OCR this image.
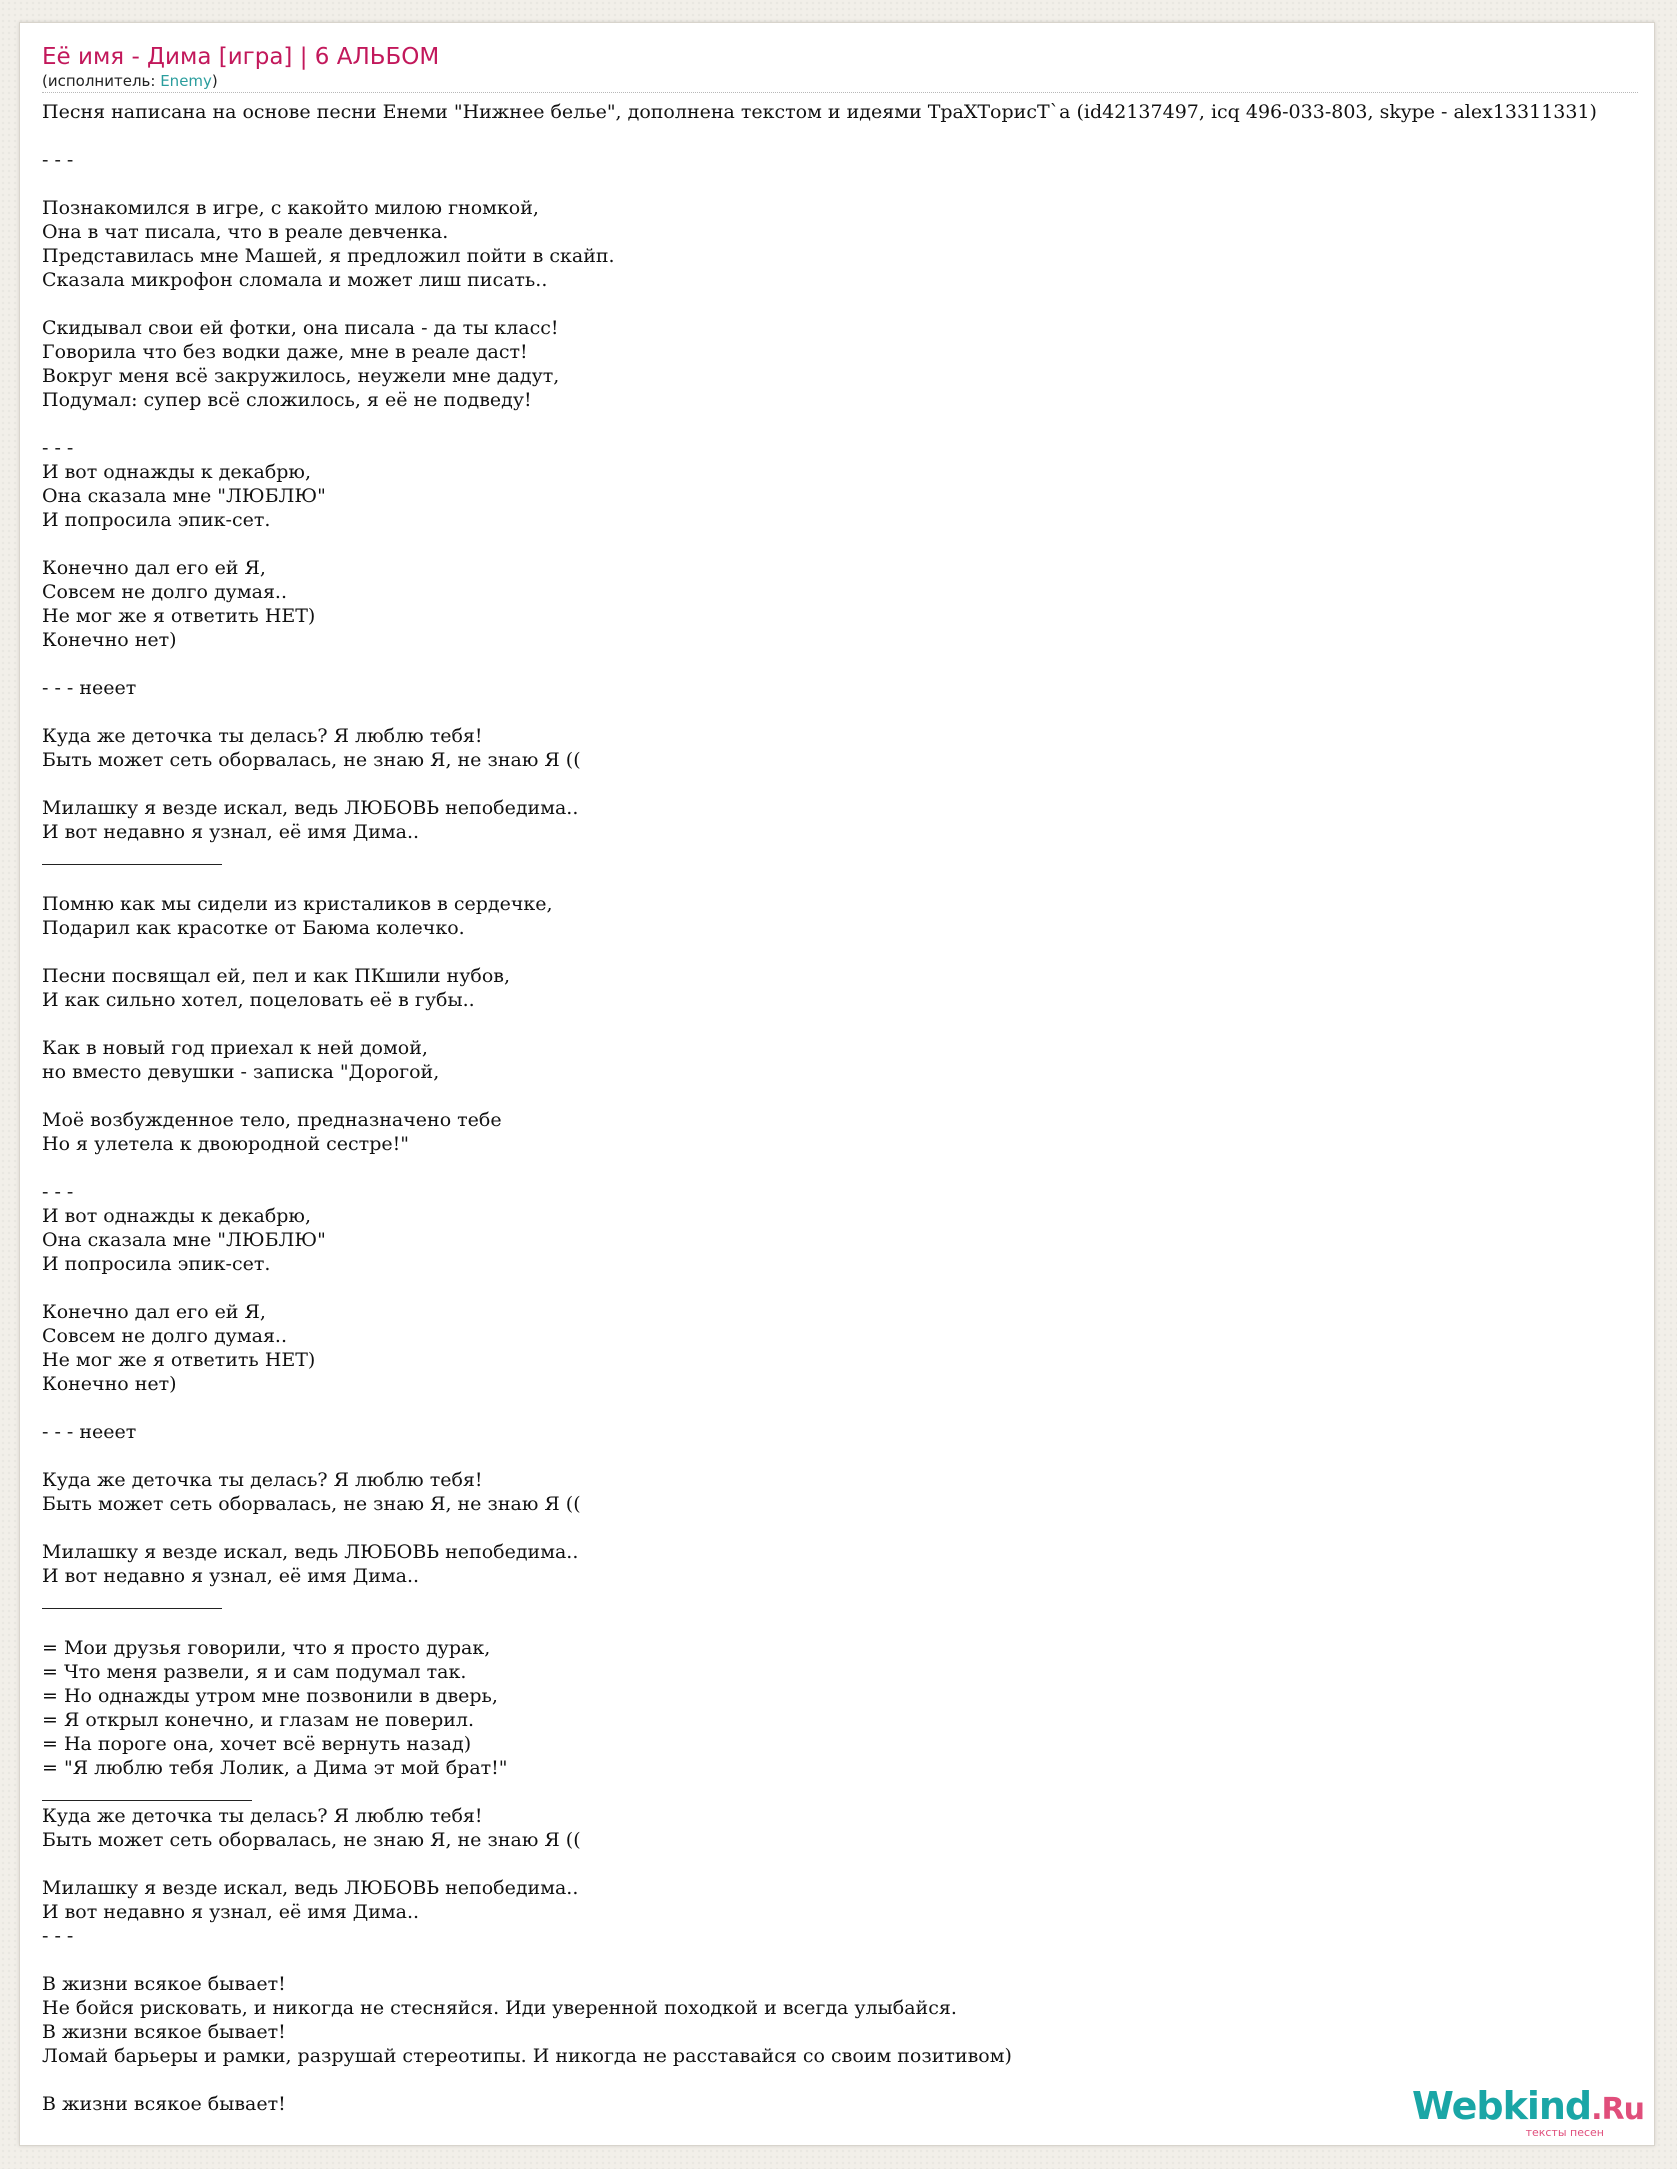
Её имя - Дима [игра] | 6 АЛЬБОМ
(исполнитель: Enemy)
Песня написана на основе песни Енеми "Нижнее белье", дополнена текстом и идеями ТраХТорисТ`а (id42137497, icq 496-033-803, skype - alex13311331)
- - -
Познакомился в игре, с какойто милою гномкой,
Она в чат писала, что в реале девченка.
Представилась мне Машей, я предложил пойти в скайп.
Сказала микрофон сломала и может лиш писать..
Скидывал свои ей фотки, она писала - да ты класс!
Говорила что без водки даже, мне в реале даст!
Вокруг меня всё закружилось, неужели мне дадут,
Подумал: супер всё сложилось, я её не подведу!
- - -
И вот однажды к декабрю,
Она сказала мне "ЛЮБЛЮ"
И попросила эпик-сет.
Конечно дал его ей Я,
Совсем не долго думая..
Не мог же я ответить НЕТ)
Конечно нет)
- - - нееет
Куда же деточка ты делась? Я люблю тебя!
Быть может сеть оборвалась, не знаю Я, не знаю Я ((
Милашку я везде искал, ведь ЛЮБОВЬ непобедима..
И вот недавно я узнал, её имя Дима..
Помню как мы сидели из кристаликов в сердечке,
Подарил как красотке от Баюма колечко.
Песни посвящал ей, пел и как ПКшили нубов,
И как сильно хотел, поцеловать её в губы..
Как в новый год приехал к ней домой,
но вместо девушки - записка "Дорогой,
Моё возбужденное тело, предназначено тебе
Но я улетела к двоюродной сестре!"
- - -
И вот однажды к декабрю,
Она сказала мне "ЛЮБЛЮ"
И попросила эпик-сет.
Конечно дал его ей Я,
Совсем не долго думая..
Не мог же я ответить НЕТ)
Конечно нет)
- - - нееет
Куда же деточка ты делась? Я люблю тебя!
Быть может сеть оборвалась, не знаю Я, не знаю Я ((
Милашку я везде искал, ведь ЛЮБОВЬ непобедима..
И вот недавно я узнал, её имя Дима..
= Мои друзья говорили, что я просто дурак,
= Что меня развели, я и сам подумал так.
= Но однажды утром мне позвонили в дверь,
= Я открыл конечно, и глазам не поверил.
= На пороге она, хочет всё вернуть назад)
= "Я люблю тебя Лолик, а Дима эт мой брат!"
Куда же деточка ты делась? Я люблю тебя!
Быть может сеть оборвалась, не знаю Я, не знаю Я ((
Милашку я везде искал, ведь ЛЮБОВЬ непобедима..
И вот недавно я узнал, её имя Дима..
- - -
В жизни всякое бывает!
Не бойся рисковать, и никогда не стесняйся. Иди уверенной походкой и всегда улыбайся.
В жизни всякое бывает!
Ломай барьеры и рамки, разрушай стереотипы. И никогда не расставайся со своим позитивом)
В жизни всякое бывает!	Webkind.Ru
тексты песен
